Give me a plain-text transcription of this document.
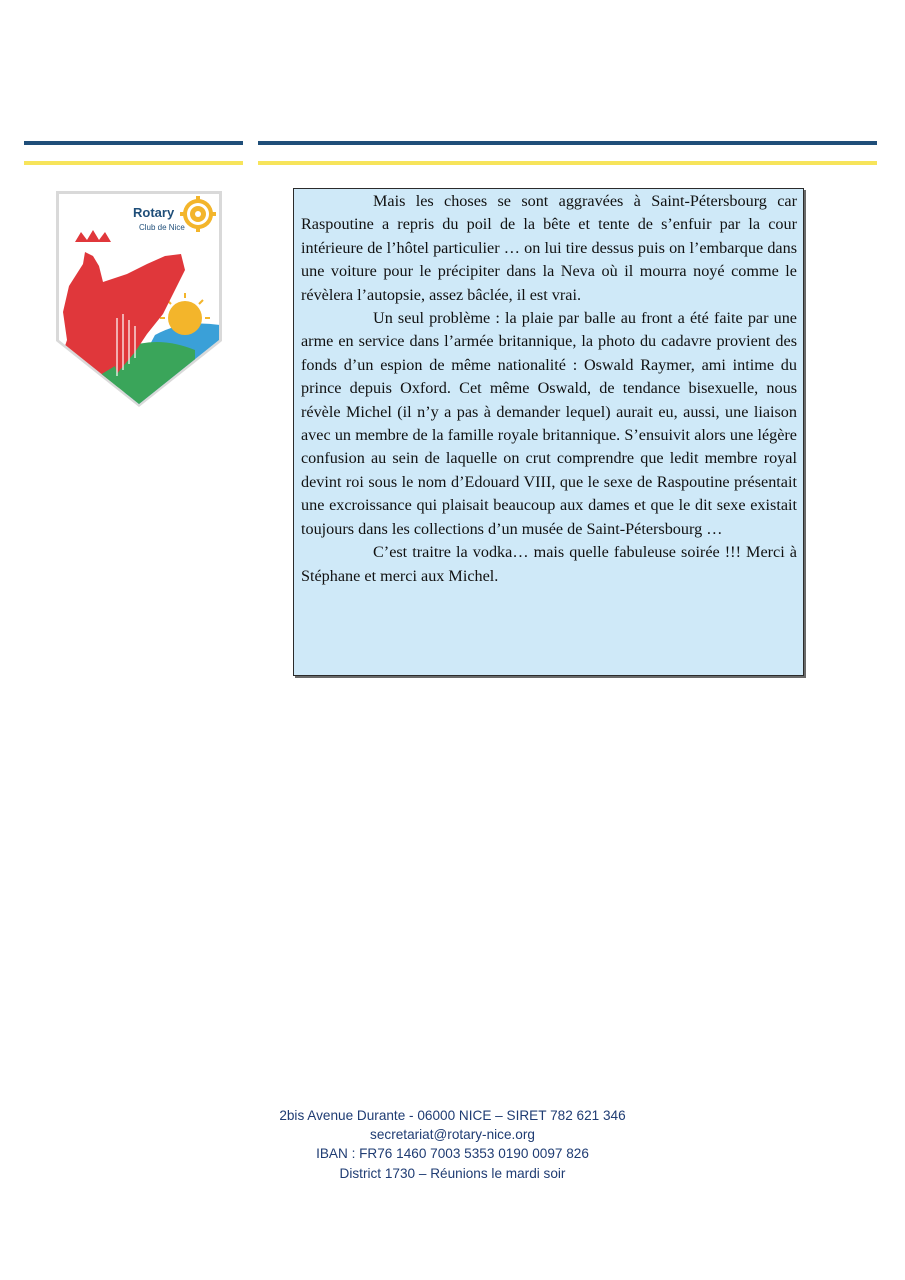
Rotary
Club de Nice

Mais les choses se sont aggravées à Saint-Pétersbourg car Raspoutine a repris du poil de la bête et tente de s’enfuir par la cour intérieure de l’hôtel particulier … on lui tire dessus puis on l’embarque dans une voiture pour le précipiter dans la Neva où il mourra noyé comme le révèlera l’autopsie, assez bâclée, il est vrai.

Un seul problème : la plaie par balle au front a été faite par une arme en service dans l’armée britannique, la photo du cadavre provient des fonds d’un espion de même nationalité : Oswald Raymer, ami intime du prince depuis Oxford. Cet même Oswald, de tendance bisexuelle, nous révèle Michel (il n’y a pas à demander lequel) aurait eu, aussi, une liaison avec un membre de la famille royale britannique. S’ensuivit alors une légère confusion au sein de laquelle on crut comprendre que ledit membre royal devint roi sous le nom d’Edouard VIII, que le sexe de Raspoutine présentait une excroissance qui plaisait beaucoup aux dames et que le dit sexe existait toujours dans les collections d’un musée de Saint-Pétersbourg …

C’est traitre la vodka… mais quelle fabuleuse soirée !!! Merci à Stéphane et merci aux Michel.

2bis Avenue Durante - 06000 NICE – SIRET 782 621 346
secretariat@rotary-nice.org
IBAN : FR76 1460 7003 5353 0190 0097 826
District 1730 – Réunions le mardi soir
